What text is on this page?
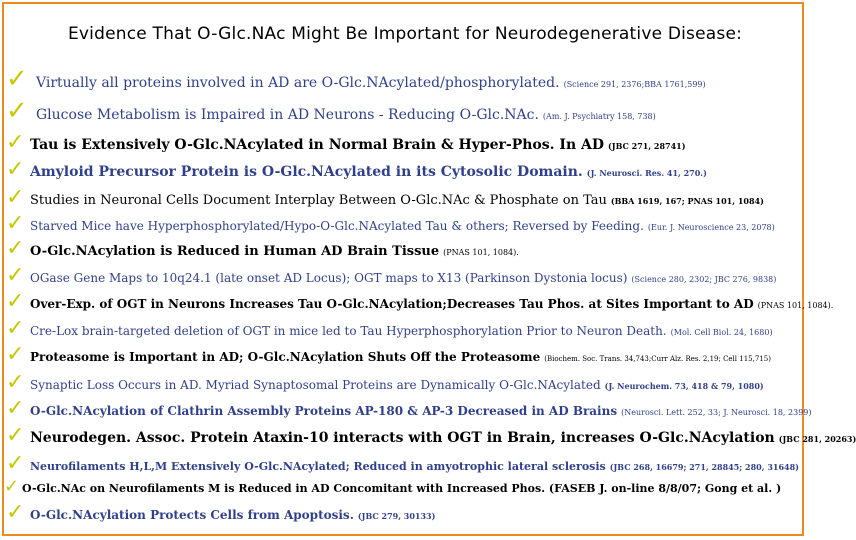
Evidence That O-Glc.NAc Might Be Important for Neurodegenerative Disease:
✓ Virtually all proteins involved in AD are O-Glc.NAcylated/phosphorylated. (Science 291, 2376;BBA 1761,599)
✓ Glucose Metabolism is Impaired in AD Neurons - Reducing O-Glc.NAc. (Am. J. Psychiatry 158, 738)
✓ Tau is Extensively O-Glc.NAcylated in Normal Brain & Hyper-Phos. In AD (JBC 271, 28741)
✓ Amyloid Precursor Protein is O-Glc.NAcylated in its Cytosolic Domain. (J. Neurosci. Res. 41, 270.)
✓ Studies in Neuronal Cells Document Interplay Between O-Glc.NAc & Phosphate on Tau (BBA 1619, 167; PNAS 101, 1084)
✓ Starved Mice have Hyperphosphorylated/Hypo-O-Glc.NAcylated Tau & others; Reversed by Feeding. (Eur. J. Neuroscience 23, 2078)
✓ O-Glc.NAcylation is Reduced in Human AD Brain Tissue (PNAS 101, 1084).
✓ OGase Gene Maps to 10q24.1 (late onset AD Locus); OGT maps to X13 (Parkinson Dystonia locus) (Science 280, 2302; JBC 276, 9838)
✓ Over-Exp. of OGT in Neurons Increases Tau O-Glc.NAcylation;Decreases Tau Phos. at Sites Important to AD (PNAS 101, 1084).
✓ Cre-Lox brain-targeted deletion of OGT in mice led to Tau Hyperphosphorylation Prior to Neuron Death. (Mol. Cell Biol. 24, 1680)
✓ Proteasome is Important in AD; O-Glc.NAcylation Shuts Off the Proteasome (Biochem. Soc. Trans. 34,743;Curr Alz. Res. 2,19; Cell 115,715)
✓ Synaptic Loss Occurs in AD. Myriad Synaptosomal Proteins are Dynamically O-Glc.NAcylated (J. Neurochem. 73, 418 & 79, 1080)
✓ O-Glc.NAcylation of Clathrin Assembly Proteins AP-180 & AP-3 Decreased in AD Brains (Neurosci. Lett. 252, 33; J. Neurosci. 18, 2399)
✓ Neurodegen. Assoc. Protein Ataxin-10 interacts with OGT in Brain, increases O-Glc.NAcylation (JBC 281, 20263)
✓ Neurofilaments H,L,M Extensively O-Glc.NAcylated; Reduced in amyotrophic lateral sclerosis (JBC 268, 16679; 271, 28845; 280, 31648)
✓ O-Glc.NAc on Neurofilaments M is Reduced in AD Concomitant with Increased Phos. (FASEB J. on-line 8/8/07; Gong et al. )
✓ O-Glc.NAcylation Protects Cells from Apoptosis. (JBC 279, 30133)
